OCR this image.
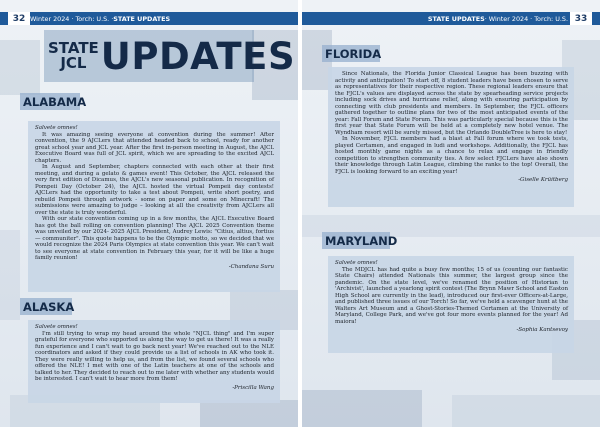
Winter 2024 · Torch: U.S. · STATE UPDATES
32
STATE
JCL UPDATES
ALABAMA

Salvete omnes!

It was amazing seeing everyone at convention during the summer! After convention, the 9 AJCLers that attended headed back to school, ready for another great school year and JCL year. After the first in-person meeting in August, the AJCL Executive Board was full of JCL spirit, which we are spreading to the excited AJCL chapters.

In August and September, chapters connected with each other at their first meeting, and during a gelato & games event! This October, the AJCL released the very first edition of Dicamus, the AJCL's new seasonal publication. In recognition of Pompeii Day (October 24), the AJCL hosted the virtual Pompeii day contests! AJCLers had the opportunity to take a test about Pompeii, write short poetry, and rebuild Pompeii through artwork - some on paper and some on Minecraft! The submissions were amazing to judge – looking at all the creativity from AJCLers all over the state is truly wonderful.

With our state convention coming up in a few months, the AJCL Executive Board has got the ball rolling on convention planning! The AJCL 2025 Convention theme was unveiled by our 2024- 2025 AJCL President, Audrey Lewis: "Citius, altius, fortius — communiter". This quote happens to be the Olympic motto, so we decided that we would recognize the 2024 Paris Olympics at state convention this year. We can't wait to see everyone at state convention in February this year, for it will be like a huge family reunion!

-Chandana Suru

ALASKA

Salvete omnes!

I'm still trying to wrap my head around the whole "NJCL thing" and I'm super grateful for everyone who supported us along the way to get us there! It was a really fun experience and I can't wait to go back next year! We've reached out to the NLE coordinators and asked if they could provide us a list of schools in AK who took it. They were really willing to help us, and from the list, we found several schools who offered the NLE! I met with one of the Latin teachers at one of the schools and talked to her. They decided to reach out to me later with whether any students would be interested. I can't wait to hear more from them!

-Priscilla Wang

STATE UPDATES · Winter 2024 · Torch: U.S. 33
FLORIDA

Since Nationals, the Florida Junior Classical League has been buzzing with activity and anticipation! To start off, 8 student leaders have been chosen to serve as representatives for their respective region. These regional leaders ensure that the FJCL's values are displayed across the state by spearheading service projects including sock drives and hurricane relief, along with ensuring participation by connecting with club presidents and members. In September, the FJCL officers gathered together to outline plans for two of the most anticipated events of the year: Fall Forum and State Forum. This was particularly special because this is the first year that State Forum will be held at a completely new hotel venue. The Wyndham resort will be surely missed, but the Orlando DoubleTree is here to stay!

In November, FJCL members had a blast at Fall forum where we took tests, played Certamen, and engaged in ludi and workshops. Additionally, the FJCL has hosted monthly game nights as a chance to relax and engage in friendly competition to strengthen community ties. A few select FJCLers have also shown their knowledge through Latin League, climbing the ranks to the top! Overall, the FJCL is looking forward to an exciting year!

-Giselle Krüitberg

MARYLAND

Salvete omnes!

The MDJCL has had quite a busy few months; 15 of us (counting our fantastic State Chairs) attended Nationals this summer, the largest group since the pandemic. On the state level, we've renamed the position of Historian to 'Archivist', launched a yearlong spirit contest (The Brynn Mawr School and Easton High School are currently in the lead), introduced our first-ever Officers-at-Large, and published three issues of our Torch! So far, we've held a scavenger hunt at the Walters Art Museum and a Ghost-Stories-Themed Certamen at the University of Maryland, College Park, and we've got four more events planned for the year! Ad maiora!

-Sophia Kantsevoy
